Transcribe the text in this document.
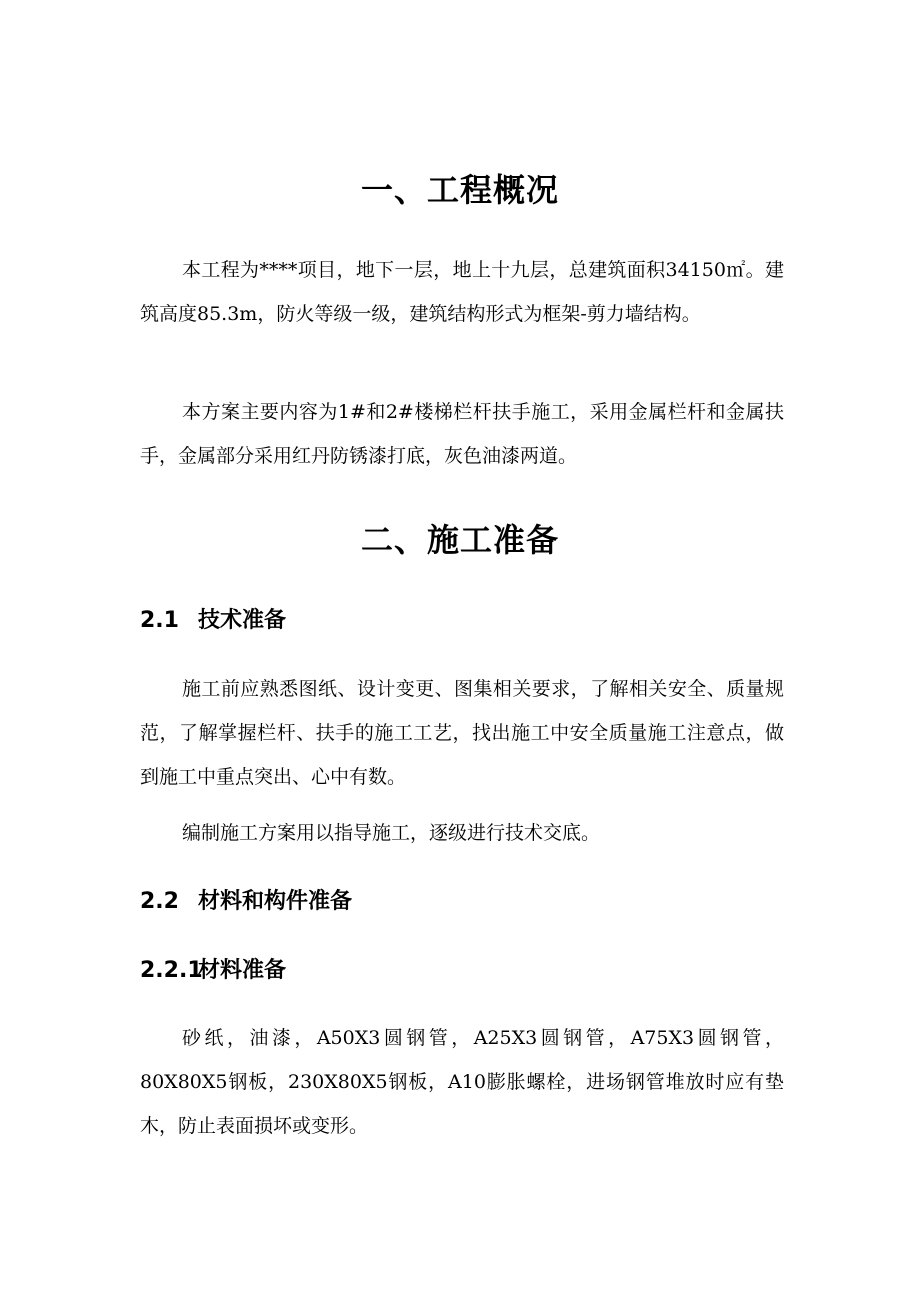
一、工程概况

本工程为****项目，地下一层，地上十九层，总建筑面积34150㎡。建筑高度85.3m，防火等级一级，建筑结构形式为框架-剪力墙结构。

本方案主要内容为1#和2#楼梯栏杆扶手施工，采用金属栏杆和金属扶手，金属部分采用红丹防锈漆打底，灰色油漆两道。

二、施工准备
2.1 技术准备

施工前应熟悉图纸、设计变更、图集相关要求，了解相关安全、质量规范，了解掌握栏杆、扶手的施工工艺，找出施工中安全质量施工注意点，做到施工中重点突出、心中有数。

编制施工方案用以指导施工，逐级进行技术交底。

2.2 材料和构件准备
2.2.1材料准备

砂纸，油漆，A50X3圆钢管，A25X3圆钢管，A75X3圆钢管，80X80X5钢板，230X80X5钢板，A10膨胀螺栓，进场钢管堆放时应有垫木，防止表面损坏或变形。
